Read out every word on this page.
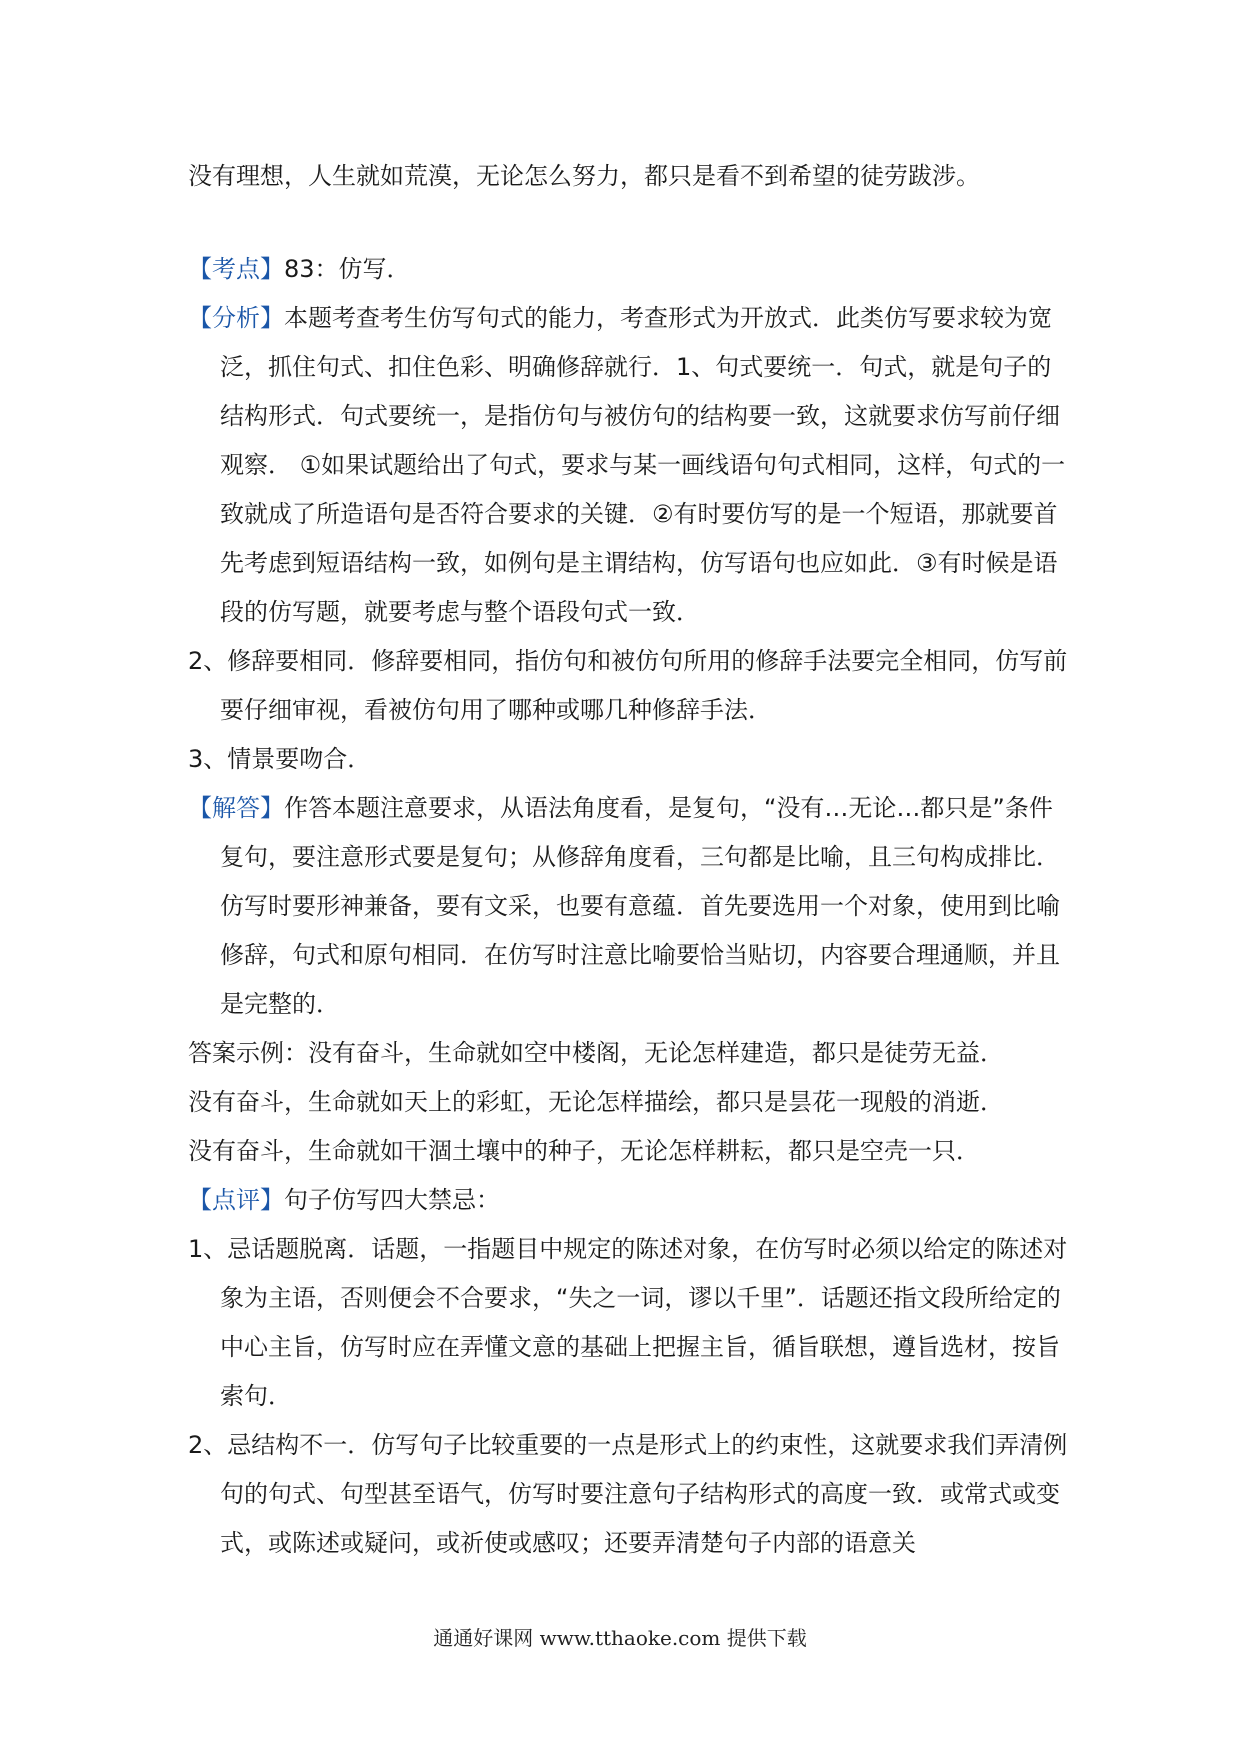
没有理想，人生就如荒漠，无论怎么努力，都只是看不到希望的徒劳跋涉。

【考点】83：仿写．

【分析】本题考查考生仿写句式的能力，考查形式为开放式．此类仿写要求较为宽泛，抓住句式、扣住色彩、明确修辞就行．1、句式要统一．句式，就是句子的结构形式．句式要统一，是指仿句与被仿句的结构要一致，这就要求仿写前仔细观察． ①如果试题给出了句式，要求与某一画线语句句式相同，这样，句式的一致就成了所造语句是否符合要求的关键．②有时要仿写的是一个短语，那就要首先考虑到短语结构一致，如例句是主谓结构，仿写语句也应如此．③有时候是语段的仿写题，就要考虑与整个语段句式一致．

2、修辞要相同．修辞要相同，指仿句和被仿句所用的修辞手法要完全相同，仿写前要仔细审视，看被仿句用了哪种或哪几种修辞手法．

3、情景要吻合．

【解答】作答本题注意要求，从语法角度看，是复句，“没有…无论…都只是”条件复句，要注意形式要是复句；从修辞角度看，三句都是比喻，且三句构成排比．仿写时要形神兼备，要有文采，也要有意蕴．首先要选用一个对象，使用到比喻修辞，句式和原句相同．在仿写时注意比喻要恰当贴切，内容要合理通顺，并且是完整的．

答案示例：没有奋斗，生命就如空中楼阁，无论怎样建造，都只是徒劳无益．

没有奋斗，生命就如天上的彩虹，无论怎样描绘，都只是昙花一现般的消逝．

没有奋斗，生命就如干涸土壤中的种子，无论怎样耕耘，都只是空壳一只．

【点评】句子仿写四大禁忌：

1、忌话题脱离．话题，一指题目中规定的陈述对象，在仿写时必须以给定的陈述对象为主语，否则便会不合要求，“失之一词，谬以千里”．话题还指文段所给定的中心主旨，仿写时应在弄懂文意的基础上把握主旨，循旨联想，遵旨选材，按旨索句．

2、忌结构不一．仿写句子比较重要的一点是形式上的约束性，这就要求我们弄清例句的句式、句型甚至语气，仿写时要注意句子结构形式的高度一致．或常式或变式，或陈述或疑问，或祈使或感叹；还要弄清楚句子内部的语意关

通通好课网 www.tthaoke.com 提供下载
